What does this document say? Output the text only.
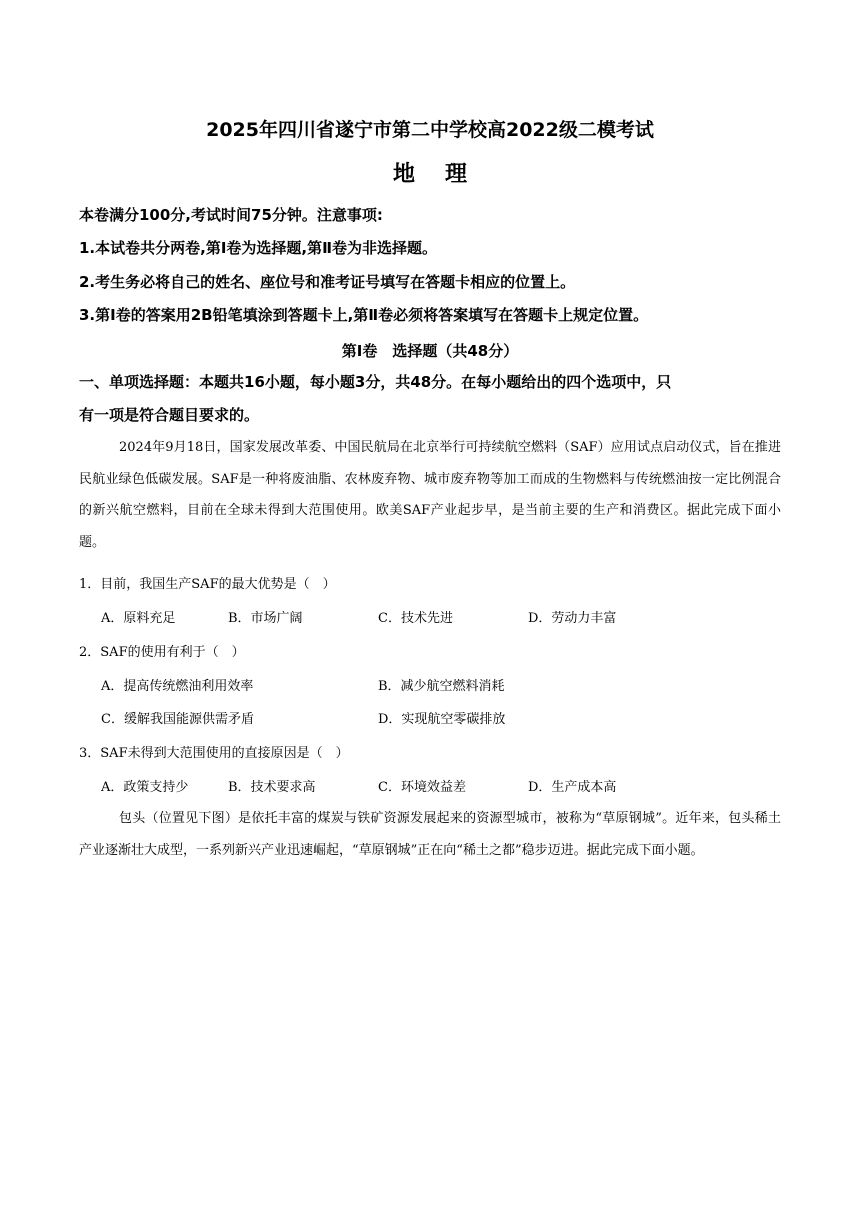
2025年四川省遂宁市第二中学校高2022级二模考试
地理
本卷满分100分,考试时间75分钟。注意事项:
1.本试卷共分两卷,第Ⅰ卷为选择题,第Ⅱ卷为非选择题。
2.考生务必将自己的姓名、座位号和准考证号填写在答题卡相应的位置上。
3.第Ⅰ卷的答案用2B铅笔填涂到答题卡上,第Ⅱ卷必须将答案填写在答题卡上规定位置。
第Ⅰ卷　选择题（共48分）
一、单项选择题：本题共16小题，每小题3分，共48分。在每小题给出的四个选项中，只
有一项是符合题目要求的。
2024年9月18日，国家发展改革委、中国民航局在北京举行可持续航空燃料（SAF）应用试点启动仪式，旨在推进民航业绿色低碳发展。SAF是一种将废油脂、农林废弃物、城市废弃物等加工而成的生物燃料与传统燃油按一定比例混合的新兴航空燃料，目前在全球未得到大范围使用。欧美SAF产业起步早，是当前主要的生产和消费区。据此完成下面小题。
1．目前，我国生产SAF的最大优势是（　）
A．原料充足	B．市场广阔	C．技术先进	D．劳动力丰富
2．SAF的使用有利于（　）
A．提高传统燃油利用效率	B．减少航空燃料消耗
C．缓解我国能源供需矛盾	D．实现航空零碳排放
3．SAF未得到大范围使用的直接原因是（　）
A．政策支持少	B．技术要求高	C．环境效益差	D．生产成本高
包头（位置见下图）是依托丰富的煤炭与铁矿资源发展起来的资源型城市，被称为“草原钢城”。近年来，包头稀土产业逐渐壮大成型，一系列新兴产业迅速崛起，“草原钢城”正在向“稀土之都”稳步迈进。据此完成下面小题。
